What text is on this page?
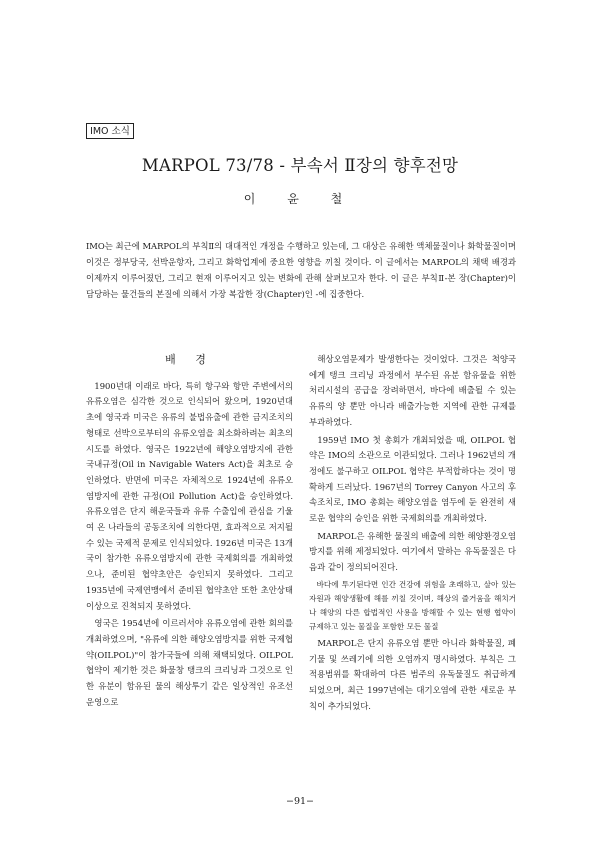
IMO 소식
MARPOL 73/78 - 부속서 Ⅱ장의 향후전망
이 윤 철

IMO는 최근에 MARPOL의 부칙Ⅱ의 대대적인 개정을 수행하고 있는데, 그 대상은 유해한 액체물질이나 화학물질이며 이것은 정부당국, 선박운항자, 그리고 화학업계에 중요한 영향을 끼칠 것이다. 이 글에서는 MARPOL의 채택 배경과 이제까지 이루어졌던, 그리고 현재 이루어지고 있는 변화에 관해 살펴보고자 한다. 이 글은 부칙Ⅱ-본 장(Chapter)이 담당하는 물건들의 본질에 의해서 가장 복잡한 장(Chapter)인 -에 집중한다.

배 경

1900년대 이래로 바다, 특히 항구와 항만 주변에서의 유류오염은 심각한 것으로 인식되어 왔으며, 1920년대 초에 영국과 미국은 유류의 불법유출에 관한 금지조치의 형태로 선박으로부터의 유류오염을 최소화하려는 최초의 시도를 하였다. 영국은 1922년에 해양오염방지에 관한 국내규정(Oil in Navigable Waters Act)을 최초로 승인하였다. 반면에 미국은 자체적으로 1924년에 유류오염방지에 관한 규정(Oil Pollution Act)을 승인하였다. 유류오염은 단지 해운국들과 유류 수출입에 관심을 기울여 온 나라들의 공동조치에 의한다면, 효과적으로 저지될 수 있는 국제적 문제로 인식되었다. 1926년 미국은 13개국이 참가한 유류오염방지에 관한 국제회의를 개최하였으나, 준비된 협약초안은 승인되지 못하였다. 그리고 1935년에 국제연맹에서 준비된 협약초안 또한 초안상태 이상으로 진척되지 못하였다.

영국은 1954년에 이르러서야 유류오염에 관한 회의를 개최하였으며, "유류에 의한 해양오염방지를 위한 국제협약(OILPOL)"이 참가국들에 의해 채택되었다. OILPOL 협약이 제기한 것은 화물창 탱크의 크리닝과 그것으로 인한 유분이 함유된 물의 해상투기 같은 일상적인 유조선 운영으로

해상오염문제가 발생한다는 것이었다. 그것은 척양국에게 탱크 크리닝 과정에서 부수된 유분 함유물을 위한 처리시설의 공급을 장려하면서, 바다에 배출될 수 있는 유류의 양 뿐만 아니라 배출가능한 지역에 관한 규제를 부과하였다.

1959년 IMO 첫 총회가 개최되었을 때, OILPOL 협약은 IMO의 소관으로 이관되었다. 그러나 1962년의 개정에도 불구하고 OILPOL 협약은 부적합하다는 것이 명확하게 드러났다. 1967년의 Torrey Canyon 사고의 후속조치로, IMO 총회는 해양오염을 염두에 둔 완전히 새로운 협약의 승인을 위한 국제회의를 개최하였다.

MARPOL은 유해한 물질의 배출에 의한 해양환경오염방지를 위해 제정되었다. 여기에서 말하는 유독물질은 다음과 같이 정의되어진다.

바다에 투기된다면 인간 건강에 위험을 초래하고, 살아 있는 자원과 해양생활에 해를 끼칠 것이며, 해상의 즐거움을 해치거나 해양의 다른 합법적인 사용을 방해할 수 있는 현행 협약이 규제하고 있는 물질을 포함한 모든 물질

MARPOL은 단지 유류오염 뿐만 아니라 화학물질, 폐기물 및 쓰레기에 의한 오염까지 명시하였다. 부칙은 그 적용범위를 확대하여 다른 범주의 유독물질도 취급하게 되었으며, 최근 1997년에는 대기오염에 관한 새로운 부칙이 추가되었다.

−91−
